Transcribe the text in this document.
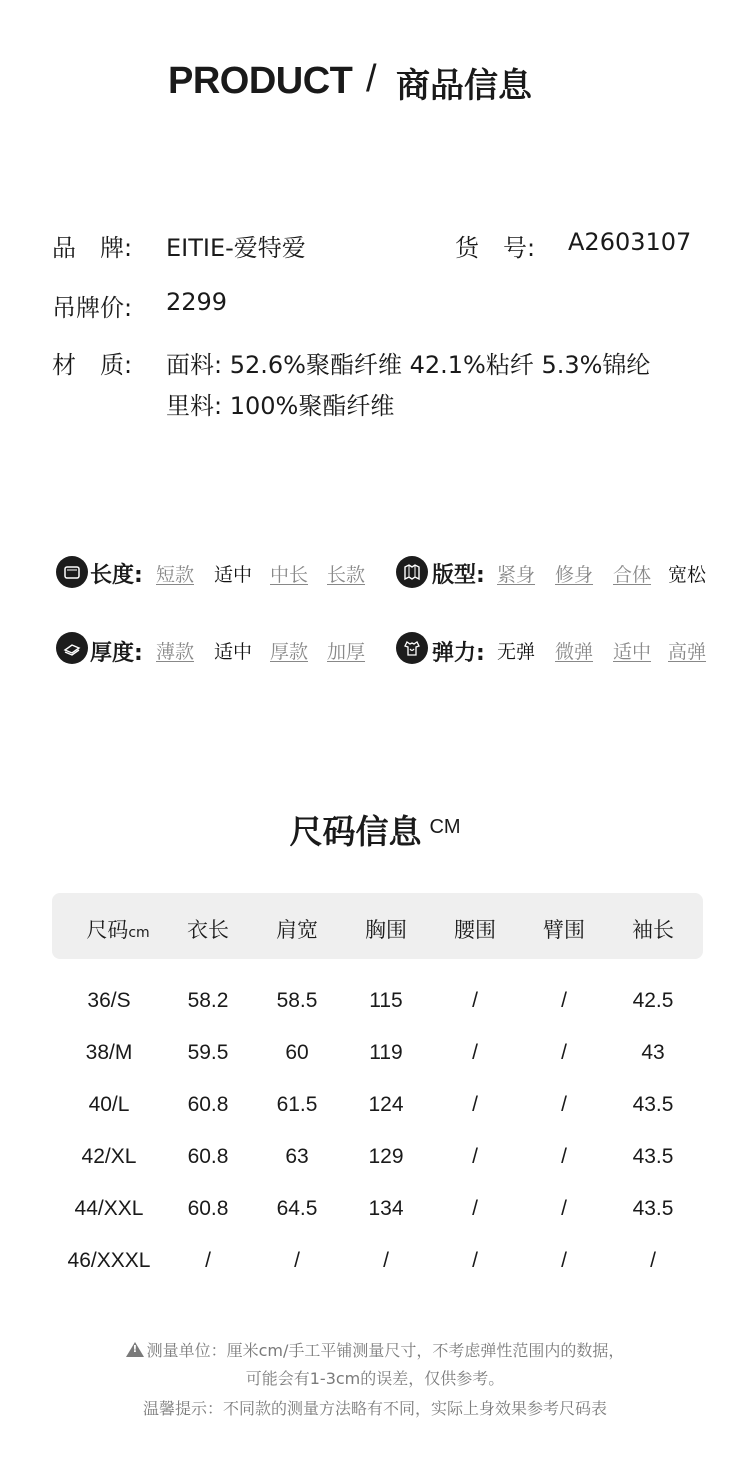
PRODUCT / 商品信息
品　牌: EITIE-爱特爱	货　号: A2603107
吊牌价: 2299
材　质: 面料: 52.6%聚酯纤维 42.1%粘纤 5.3%锦纶
里料: 100%聚酯纤维
长度: 短款 适中 中长 长款	版型: 紧身 修身 合体 宽松
厚度: 薄款 适中 厚款 加厚	弹力: 无弹 微弹 适中 高弹
尺码信息 CM
尺码cm	衣长	肩宽	胸围	腰围	臂围	袖长
36/S	58.2	58.5	115	/	/	42.5
38/M	59.5	60	119	/	/	43
40/L	60.8	61.5	124	/	/	43.5
42/XL	60.8	63	129	/	/	43.5
44/XXL	60.8	64.5	134	/	/	43.5
46/XXXL	/	/	/	/	/	/
!测量单位：厘米cm/手工平铺测量尺寸，不考虑弹性范围内的数据，
可能会有1-3cm的误差，仅供参考。
温馨提示：不同款的测量方法略有不同，实际上身效果参考尺码表
